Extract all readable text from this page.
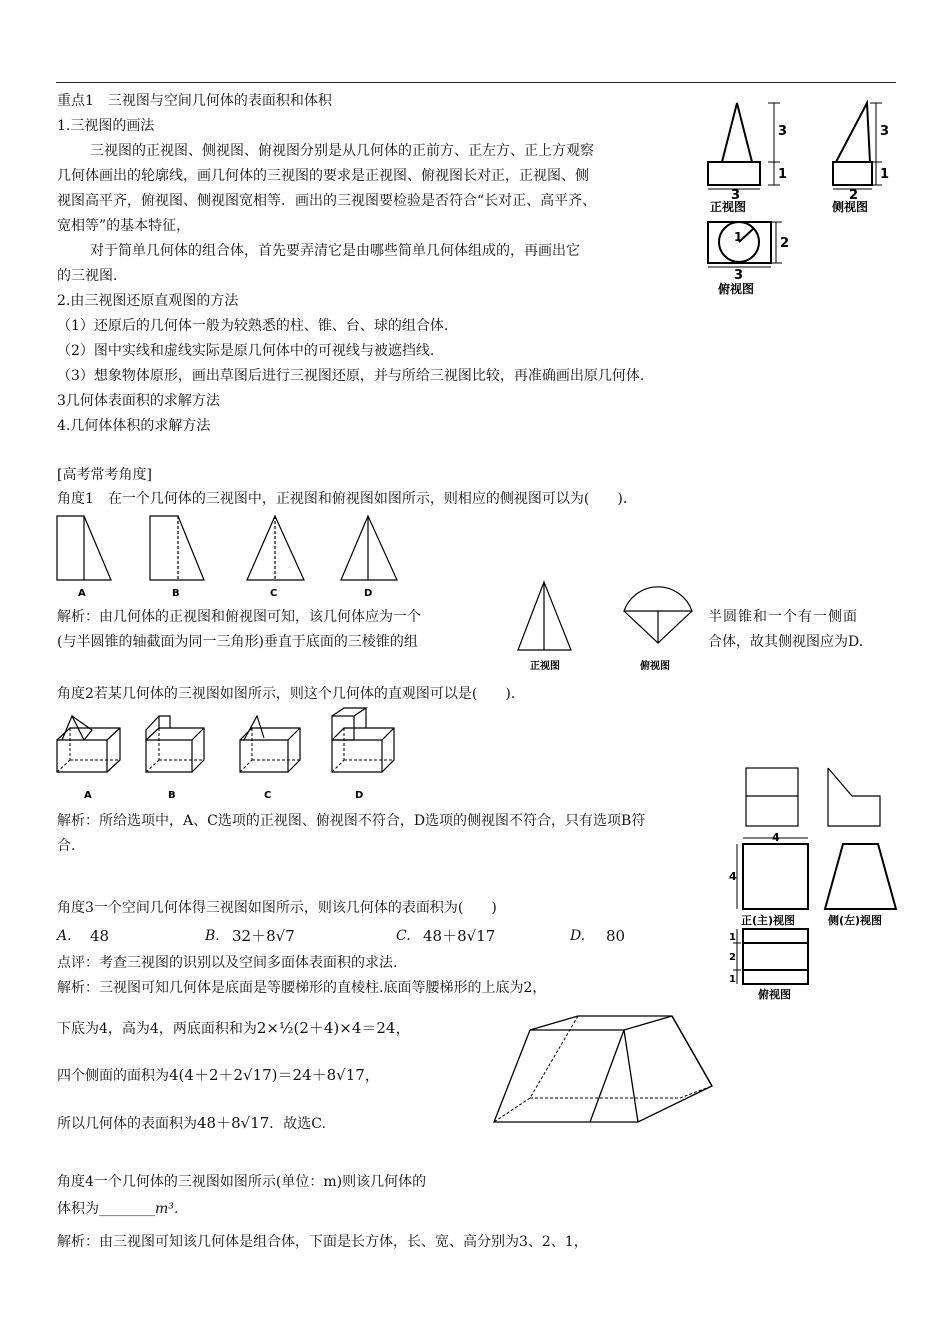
重点1　三视图与空间几何体的表面积和体积
1.三视图的画法
三视图的正视图、侧视图、俯视图分别是从几何体的正前方、正左方、正上方观察
几何体画出的轮廓线，画几何体的三视图的要求是正视图、俯视图长对正，正视图、侧
视图高平齐，俯视图、侧视图宽相等．画出的三视图要检验是否符合“长对正、高平齐、
宽相等”的基本特征，
对于简单几何体的组合体，首先要弄清它是由哪些简单几何体组成的，再画出它
的三视图．
2.由三视图还原直观图的方法
（1）还原后的几何体一般为较熟悉的柱、锥、台、球的组合体.
（2）图中实线和虚线实际是原几何体中的可视线与被遮挡线.
（3）想象物体原形，画出草图后进行三视图还原，并与所给三视图比较，再准确画出原几何体.
3几何体表面积的求解方法
4.几何体体积的求解方法
3
1
3
正视图
3
1
2
侧视图
1	2
3
俯视图
[高考常考角度]
角度1　在一个几何体的三视图中，正视图和俯视图如图所示，则相应的侧视图可以为(　　)．
A	B	C	D
解析：由几何体的正视图和俯视图可知，该几何体应为一个
(与半圆锥的轴截面为同一三角形)垂直于底面的三棱锥的组
半圆锥和一个有一侧面
合体，故其侧视图应为D.
正视图	俯视图
角度2若某几何体的三视图如图所示，则这个几何体的直观图可以是(　　)．
A	B	C	D
解析：所给选项中，A、C选项的正视图、俯视图不符合，D选项的侧视图不符合，只有选项B符
合.
4
4
1
2
1
正(主)视图	侧(左)视图
俯视图
角度3一个空间几何体得三视图如图所示，则该几何体的表面积为(　　)
A. 48	B. 32＋8√7	C. 48＋8√17	D. 80
点评：考查三视图的识别以及空间多面体表面积的求法.
解析：三视图可知几何体是底面是等腰梯形的直棱柱.底面等腰梯形的上底为2，
下底为4，高为4，两底面积和为2×½(2＋4)×4＝24，
四个侧面的面积为4(4＋2＋2√17)＝24＋8√17，
所以几何体的表面积为48＋8√17．故选C.
角度4一个几何体的三视图如图所示(单位：m)则该几何体的
体积为________m³．
解析：由三视图可知该几何体是组合体，下面是长方体，长、宽、高分别为3、2、1，
